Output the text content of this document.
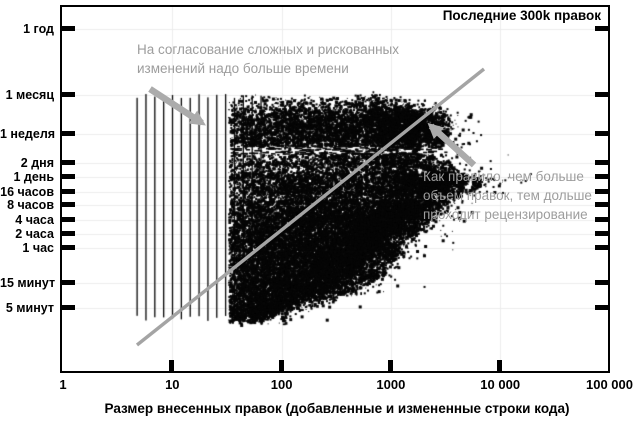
1 год
1 месяц
1 неделя
2 дня
1 день
16 часов
8 часов
4 часа
2 часа
1 час
15 минут
5 минут
1	10	100	1000	10 000	100 000
Последние 300k правок
На согласование сложных и рискованных
изменений надо больше времени
Как правило, чем больше
объем правок, тем дольше
проходит рецензирование
Размер внесенных правок (добавленные и измененные строки кода)
